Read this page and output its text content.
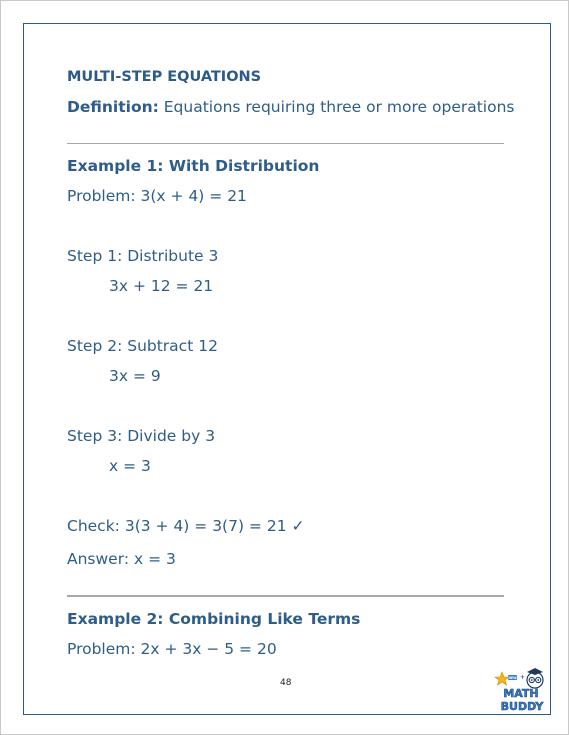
MULTI-STEP EQUATIONS
Definition: Equations requiring three or more operations
Example 1: With Distribution
Problem: 3(x + 4) = 21
Step 1: Distribute 3
3x + 12 = 21
Step 2: Subtract 12
3x = 9
Step 3: Divide by 3
x = 3
Check: 3(3 + 4) = 3(7) = 21 ✓
Answer: x = 3
Example 2: Combining Like Terms
Problem: 2x + 3x − 5 = 20
48	NEW +
MATH
BUDDY
